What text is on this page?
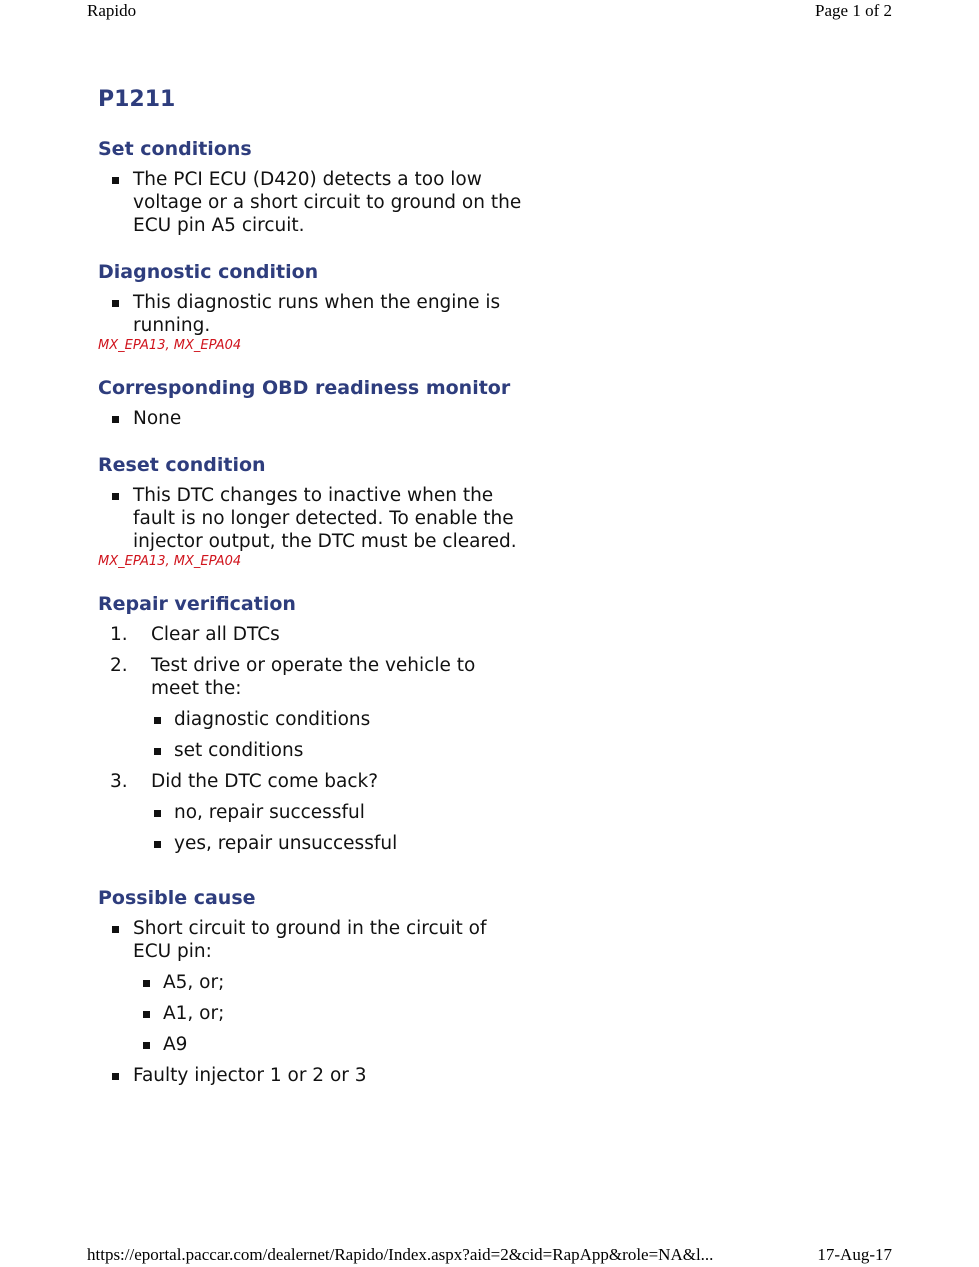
Rapido	Page 1 of 2
P1211
Set conditions
The PCI ECU (D420) detects a too low voltage or a short circuit to ground on the ECU pin A5 circuit.
Diagnostic condition
This diagnostic runs when the engine is running.
MX_EPA13, MX_EPA04
Corresponding OBD readiness monitor
None
Reset condition
This DTC changes to inactive when the fault is no longer detected. To enable the injector output, the DTC must be cleared.
MX_EPA13, MX_EPA04
Repair verification
1. Clear all DTCs
2. Test drive or operate the vehicle to meet the:
diagnostic conditions
set conditions
3. Did the DTC come back?
no, repair successful
yes, repair unsuccessful
Possible cause
Short circuit to ground in the circuit of ECU pin:
A5, or;
A1, or;
A9
Faulty injector 1 or 2 or 3
https://eportal.paccar.com/dealernet/Rapido/Index.aspx?aid=2&cid=RapApp&role=NA&l...	17-Aug-17
